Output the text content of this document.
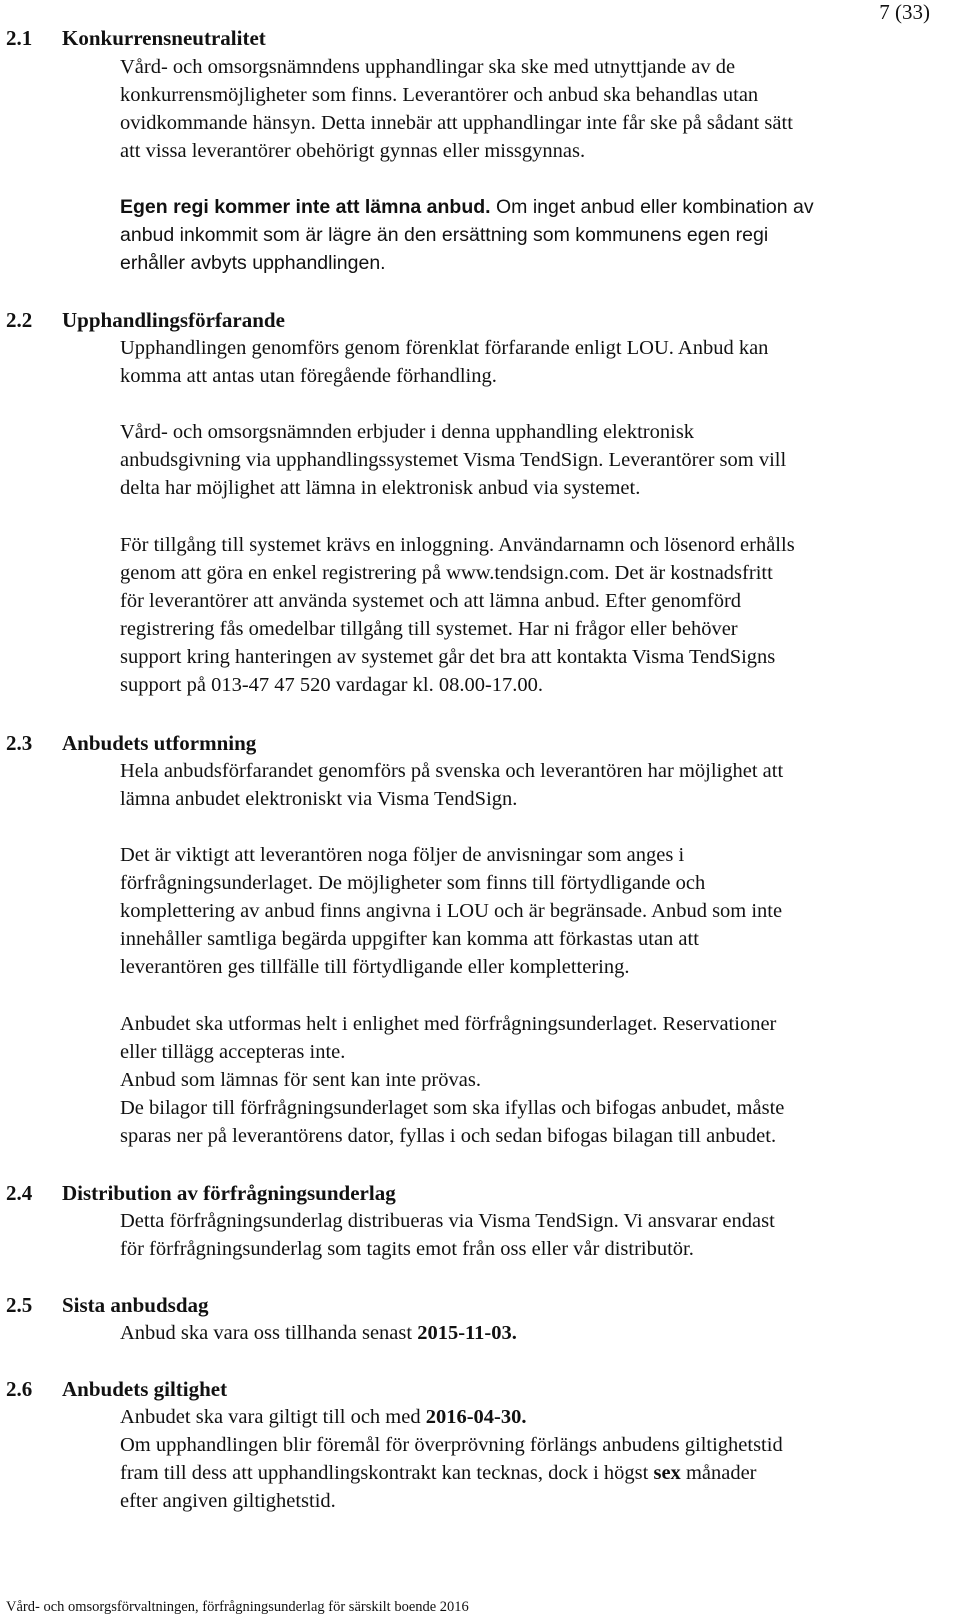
7 (33)
2.1 Konkurrensneutralitet
Vård- och omsorgsnämndens upphandlingar ska ske med utnyttjande av de
konkurrensmöjligheter som finns. Leverantörer och anbud ska behandlas utan
ovidkommande hänsyn. Detta innebär att upphandlingar inte får ske på sådant sätt
att vissa leverantörer obehörigt gynnas eller missgynnas.
Egen regi kommer inte att lämna anbud. Om inget anbud eller kombination av
anbud inkommit som är lägre än den ersättning som kommunens egen regi
erhåller avbyts upphandlingen.
2.2 Upphandlingsförfarande
Upphandlingen genomförs genom förenklat förfarande enligt LOU. Anbud kan
komma att antas utan föregående förhandling.
Vård- och omsorgsnämnden erbjuder i denna upphandling elektronisk
anbudsgivning via upphandlingssystemet Visma TendSign. Leverantörer som vill
delta har möjlighet att lämna in elektronisk anbud via systemet.
För tillgång till systemet krävs en inloggning. Användarnamn och lösenord erhålls
genom att göra en enkel registrering på www.tendsign.com. Det är kostnadsfritt
för leverantörer att använda systemet och att lämna anbud. Efter genomförd
registrering fås omedelbar tillgång till systemet. Har ni frågor eller behöver
support kring hanteringen av systemet går det bra att kontakta Visma TendSigns
support på 013-47 47 520 vardagar kl. 08.00-17.00.
2.3 Anbudets utformning
Hela anbudsförfarandet genomförs på svenska och leverantören har möjlighet att
lämna anbudet elektroniskt via Visma TendSign.
Det är viktigt att leverantören noga följer de anvisningar som anges i
förfrågningsunderlaget. De möjligheter som finns till förtydligande och
komplettering av anbud finns angivna i LOU och är begränsade. Anbud som inte
innehåller samtliga begärda uppgifter kan komma att förkastas utan att
leverantören ges tillfälle till förtydligande eller komplettering.
Anbudet ska utformas helt i enlighet med förfrågningsunderlaget. Reservationer
eller tillägg accepteras inte.
Anbud som lämnas för sent kan inte prövas.
De bilagor till förfrågningsunderlaget som ska ifyllas och bifogas anbudet, måste
sparas ner på leverantörens dator, fyllas i och sedan bifogas bilagan till anbudet.
2.4 Distribution av förfrågningsunderlag
Detta förfrågningsunderlag distribueras via Visma TendSign. Vi ansvarar endast
för förfrågningsunderlag som tagits emot från oss eller vår distributör.
2.5 Sista anbudsdag
Anbud ska vara oss tillhanda senast 2015-11-03.
2.6 Anbudets giltighet
Anbudet ska vara giltigt till och med 2016-04-30.
Om upphandlingen blir föremål för överprövning förlängs anbudens giltighetstid
fram till dess att upphandlingskontrakt kan tecknas, dock i högst sex månader
efter angiven giltighetstid.
Vård- och omsorgsförvaltningen, förfrågningsunderlag för särskilt boende 2016
